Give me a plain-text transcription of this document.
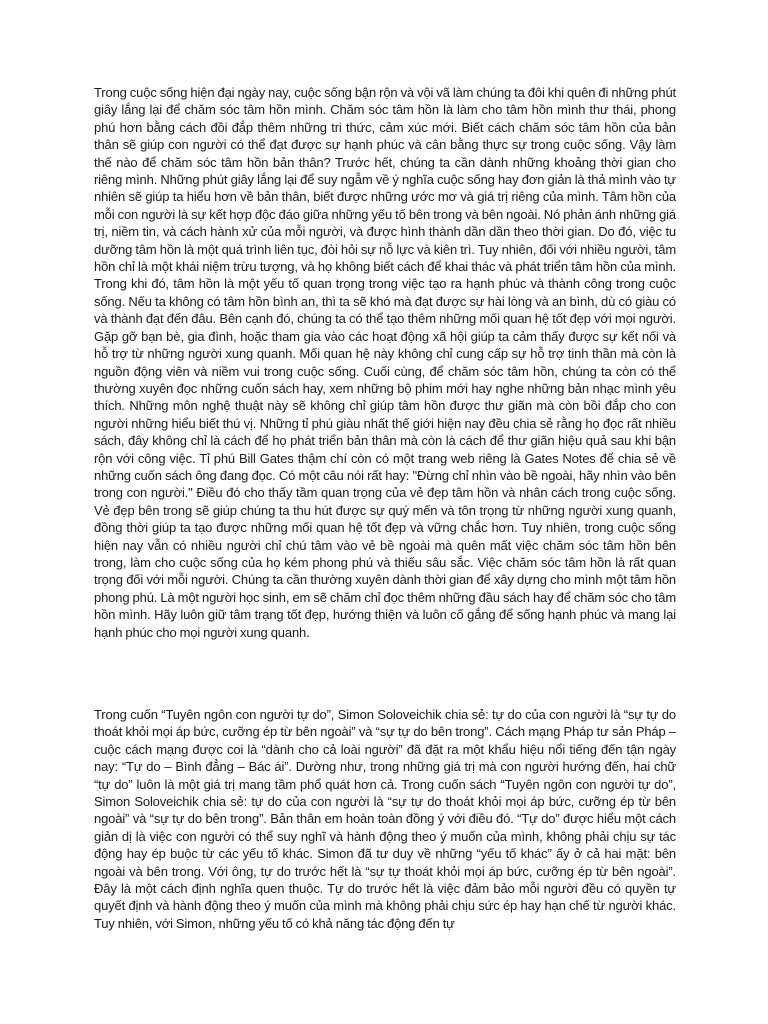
Trong cuộc sống hiện đại ngày nay, cuộc sống bận rộn và vội vã làm chúng ta đôi khi quên đi những phút giây lắng lại để chăm sóc tâm hồn mình. Chăm sóc tâm hồn là làm cho tâm hồn mình thư thái, phong phú hơn bằng cách đồi đắp thêm những tri thức, cảm xúc mới. Biết cách chăm sóc tâm hồn của bản thân sẽ giúp con người có thể đạt được sự hạnh phúc và cân bằng thực sự trong cuộc sống. Vậy làm thế nào để chăm sóc tâm hồn bản thân? Trước hết, chúng ta cần dành những khoảng thời gian cho riêng mình. Những phút giây lắng lại để suy ngẫm về ý nghĩa cuộc sống hay đơn giản là thả mình vào tự nhiên sẽ giúp ta hiểu hơn về bản thân, biết được những ước mơ và giá trị riêng của mình. Tâm hồn của mỗi con người là sự kết hợp độc đáo giữa những yếu tố bên trong và bên ngoài. Nó phản ánh những giá trị, niềm tin, và cách hành xử của mỗi người, và được hình thành dần dần theo thời gian. Do đó, việc tu dưỡng tâm hồn là một quá trình liên tục, đòi hỏi sự nỗ lực và kiên trì. Tuy nhiên, đối với nhiều người, tâm hồn chỉ là một khái niệm trừu tượng, và họ không biết cách để khai thác và phát triển tâm hồn của mình. Trong khi đó, tâm hồn là một yếu tố quan trọng trong việc tạo ra hạnh phúc và thành công trong cuộc sống. Nếu ta không có tâm hồn bình an, thì ta sẽ khó mà đạt được sự hài lòng và an bình, dù có giàu có và thành đạt đến đâu. Bên cạnh đó, chúng ta có thể tạo thêm những mối quan hệ tốt đẹp với mọi người. Gặp gỡ bạn bè, gia đình, hoặc tham gia vào các hoạt động xã hội giúp ta cảm thấy được sự kết nối và hỗ trợ từ những người xung quanh. Mối quan hệ này không chỉ cung cấp sự hỗ trợ tinh thần mà còn là nguồn động viên và niềm vui trong cuộc sống. Cuối cùng, để chăm sóc tâm hồn, chúng ta còn có thể thường xuyên đọc những cuốn sách hay, xem những bộ phim mới hay nghe những bản nhạc mình yêu thích. Những môn nghệ thuật này sẽ không chỉ giúp tâm hồn được thư giãn mà còn bồi đắp cho con người những hiểu biết thú vị. Những tỉ phú giàu nhất thế giới hiện nay đều chia sẻ rằng họ đọc rất nhiều sách, đây không chỉ là cách để họ phát triển bản thân mà còn là cách để thư giãn hiệu quả sau khi bận rộn với công việc. Tỉ phú Bill Gates thậm chí còn có một trang web riêng là Gates Notes để chia sẻ về những cuốn sách ông đang đọc. Có một câu nói rất hay: "Đừng chỉ nhìn vào bề ngoài, hãy nhìn vào bên trong con người." Điều đó cho thấy tầm quan trọng của vẻ đẹp tâm hồn và nhân cách trong cuộc sống. Vẻ đẹp bên trong sẽ giúp chúng ta thu hút được sự quý mến và tôn trọng từ những người xung quanh, đồng thời giúp ta tạo được những mối quan hệ tốt đẹp và vững chắc hơn. Tuy nhiên, trong cuộc sống hiện nay vẫn có nhiều người chỉ chú tâm vào vẻ bề ngoài mà quên mất việc chăm sóc tâm hồn bên trong, làm cho cuộc sống của họ kém phong phú và thiếu sâu sắc. Việc chăm sóc tâm hồn là rất quan trọng đối với mỗi người. Chúng ta cần thường xuyên dành thời gian để xây dựng cho mình một tâm hồn phong phú. Là một người học sinh, em sẽ chăm chỉ đọc thêm những đầu sách hay để chăm sóc cho tâm hồn mình. Hãy luôn giữ tâm trạng tốt đẹp, hướng thiện và luôn cố gắng để sống hạnh phúc và mang lại hạnh phúc cho mọi người xung quanh.

Trong cuốn “Tuyên ngôn con người tự do”, Simon Soloveichik chia sẻ: tự do của con người là “sự tự do thoát khỏi mọi áp bức, cưỡng ép từ bên ngoài” và “sự tự do bên trong”. Cách mạng Pháp tư sản Pháp – cuộc cách mạng được coi là “dành cho cả loài người” đã đặt ra một khẩu hiệu nổi tiếng đến tận ngày nay: “Tự do – Bình đẳng – Bác ái”. Dường như, trong những giá trị mà con người hướng đến, hai chữ “tự do” luôn là một giá trị mang tầm phổ quát hơn cả. Trong cuốn sách “Tuyên ngôn con người tự do”, Simon Soloveichik chia sẻ: tự do của con người là “sự tự do thoát khỏi mọi áp bức, cưỡng ép từ bên ngoài” và “sự tự do bên trong”. Bản thân em hoàn toàn đồng ý với điều đó. “Tự do” được hiểu một cách giản dị là việc con người có thể suy nghĩ và hành động theo ý muốn của mình, không phải chịu sự tác động hay ép buộc từ các yếu tố khác. Simon đã tư duy về những “yếu tố khác” ấy ở cả hai mặt: bên ngoài và bên trong. Với ông, tự do trước hết là “sự tự thoát khỏi mọi áp bức, cưỡng ép từ bên ngoài”. Đây là một cách định nghĩa quen thuộc. Tự do trước hết là việc đảm bảo mỗi người đều có quyền tự quyết định và hành động theo ý muốn của mình mà không phải chịu sức ép hay hạn chế từ người khác. Tuy nhiên, với Simon, những yếu tố có khả năng tác động đến tự
